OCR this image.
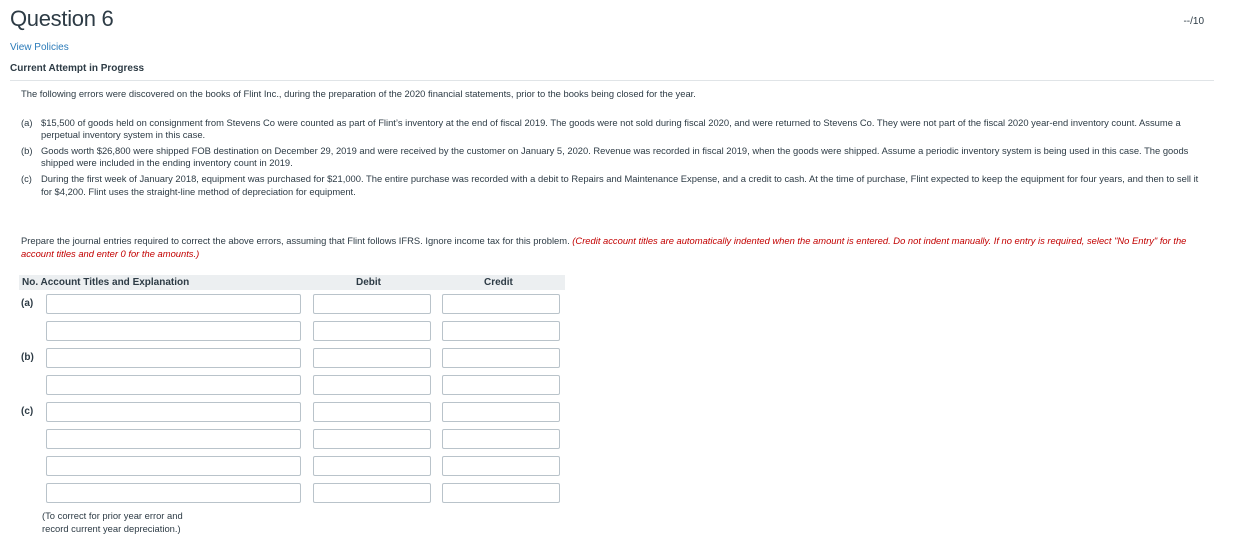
Question 6	--/10
View Policies
Current Attempt in Progress

The following errors were discovered on the books of Flint Inc., during the preparation of the 2020 financial statements, prior to the books being closed for the year.

(a) $15,500 of goods held on consignment from Stevens Co were counted as part of Flint’s inventory at the end of fiscal 2019. The goods were not sold during fiscal 2020, and were returned to Stevens Co. They were not part of the fiscal 2020 year-end inventory count. Assume a perpetual inventory system in this case.
(b) Goods worth $26,800 were shipped FOB destination on December 29, 2019 and were received by the customer on January 5, 2020. Revenue was recorded in fiscal 2019, when the goods were shipped. Assume a periodic inventory system is being used in this case. The goods shipped were included in the ending inventory count in 2019.
(c) During the first week of January 2018, equipment was purchased for $21,000. The entire purchase was recorded with a debit to Repairs and Maintenance Expense, and a credit to cash. At the time of purchase, Flint expected to keep the equipment for four years, and then to sell it for $4,200. Flint uses the straight-line method of depreciation for equipment.
Prepare the journal entries required to correct the above errors, assuming that Flint follows IFRS. Ignore income tax for this problem. (Credit account titles are automatically indented when the amount is entered. Do not indent manually. If no entry is required, select "No Entry" for the account titles and enter 0 for the amounts.)
No. Account Titles and Explanation	Debit	Credit
(a)
(b)
(c)
(To correct for prior year error and
record current year depreciation.)
